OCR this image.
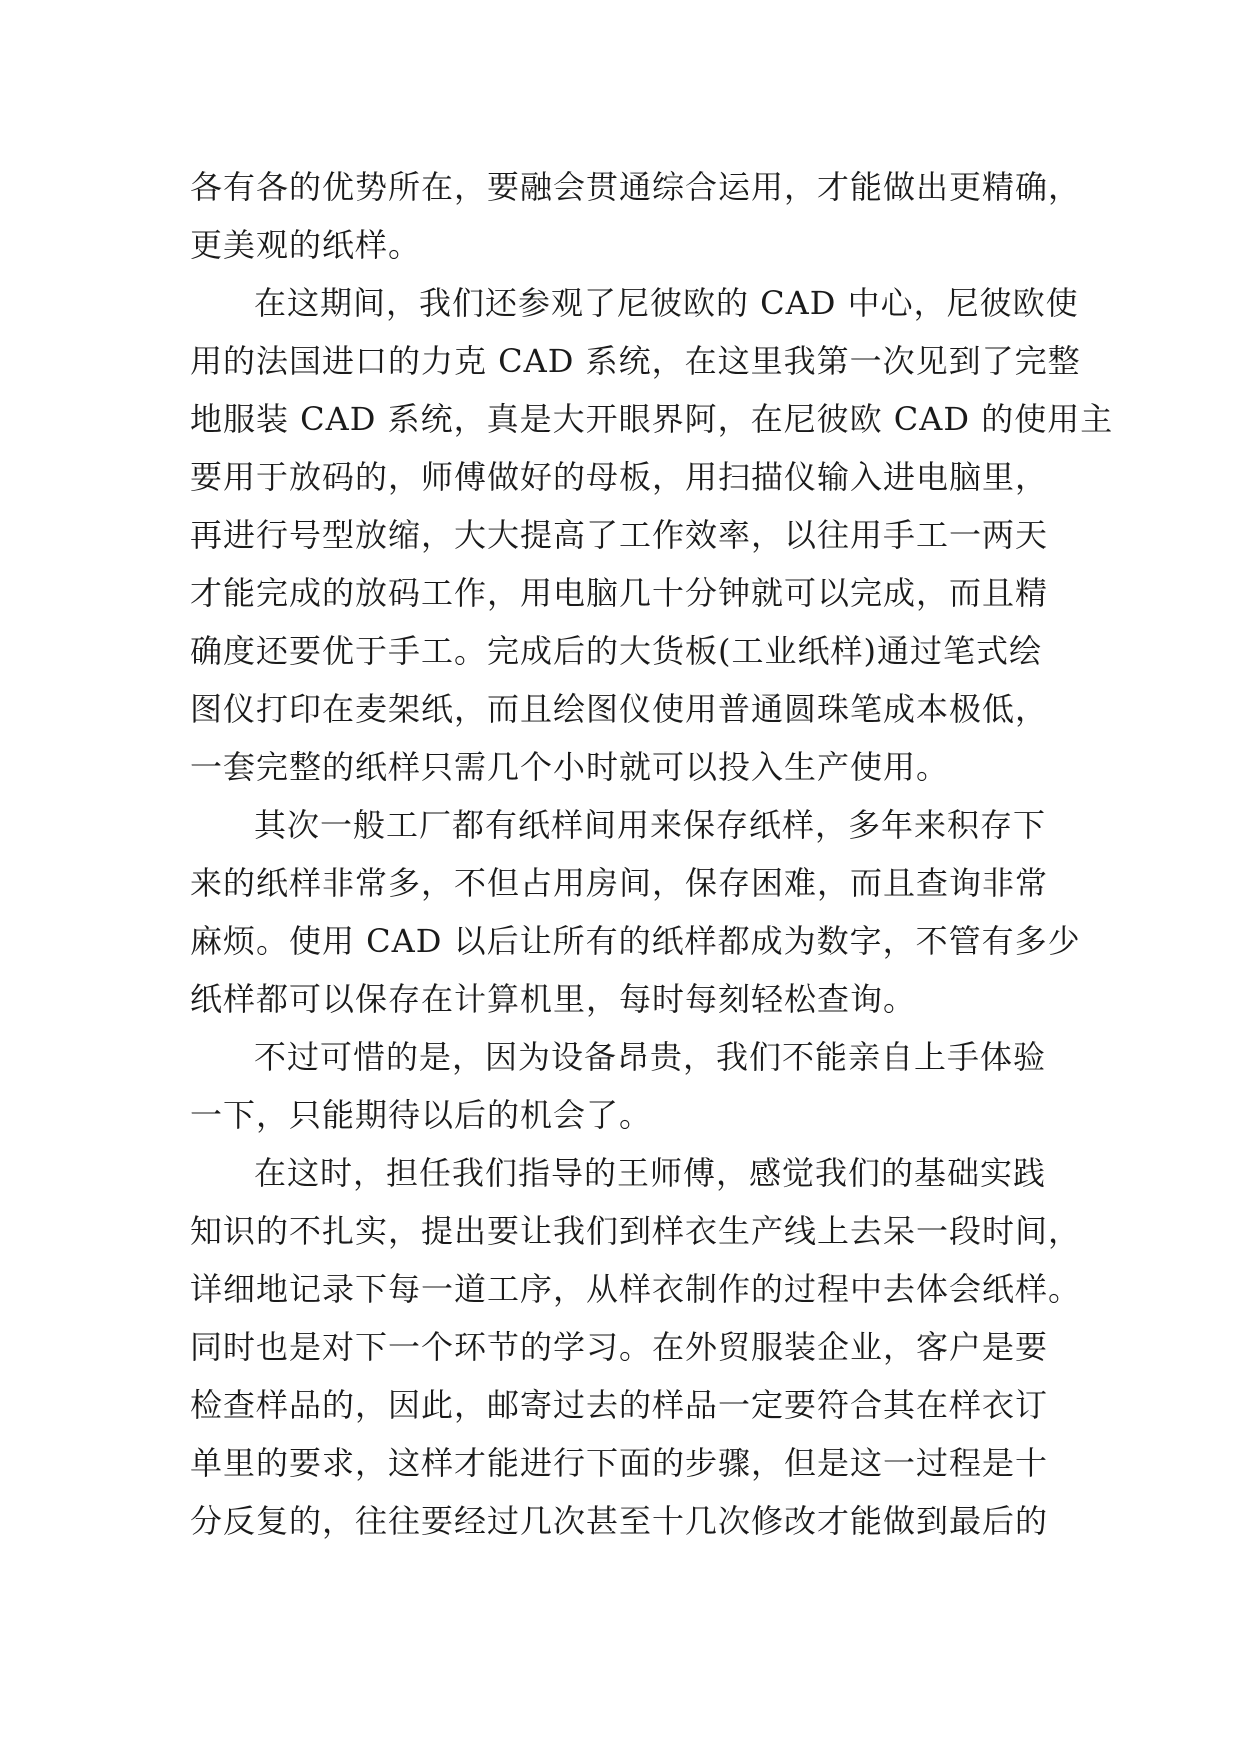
各有各的优势所在，要融会贯通综合运用，才能做出更精确，
更美观的纸样。
在这期间，我们还参观了尼彼欧的 CAD 中心，尼彼欧使
用的法国进口的力克 CAD 系统，在这里我第一次见到了完整
地服装 CAD 系统，真是大开眼界阿，在尼彼欧 CAD 的使用主
要用于放码的，师傅做好的母板，用扫描仪输入进电脑里，
再进行号型放缩，大大提高了工作效率，以往用手工一两天
才能完成的放码工作，用电脑几十分钟就可以完成，而且精
确度还要优于手工。完成后的大货板(工业纸样)通过笔式绘
图仪打印在麦架纸，而且绘图仪使用普通圆珠笔成本极低，
一套完整的纸样只需几个小时就可以投入生产使用。
其次一般工厂都有纸样间用来保存纸样，多年来积存下
来的纸样非常多，不但占用房间，保存困难，而且查询非常
麻烦。使用 CAD 以后让所有的纸样都成为数字，不管有多少
纸样都可以保存在计算机里，每时每刻轻松查询。
不过可惜的是，因为设备昂贵，我们不能亲自上手体验
一下，只能期待以后的机会了。
在这时，担任我们指导的王师傅，感觉我们的基础实践
知识的不扎实，提出要让我们到样衣生产线上去呆一段时间，
详细地记录下每一道工序，从样衣制作的过程中去体会纸样。
同时也是对下一个环节的学习。在外贸服装企业，客户是要
检查样品的，因此，邮寄过去的样品一定要符合其在样衣订
单里的要求，这样才能进行下面的步骤，但是这一过程是十
分反复的，往往要经过几次甚至十几次修改才能做到最后的
